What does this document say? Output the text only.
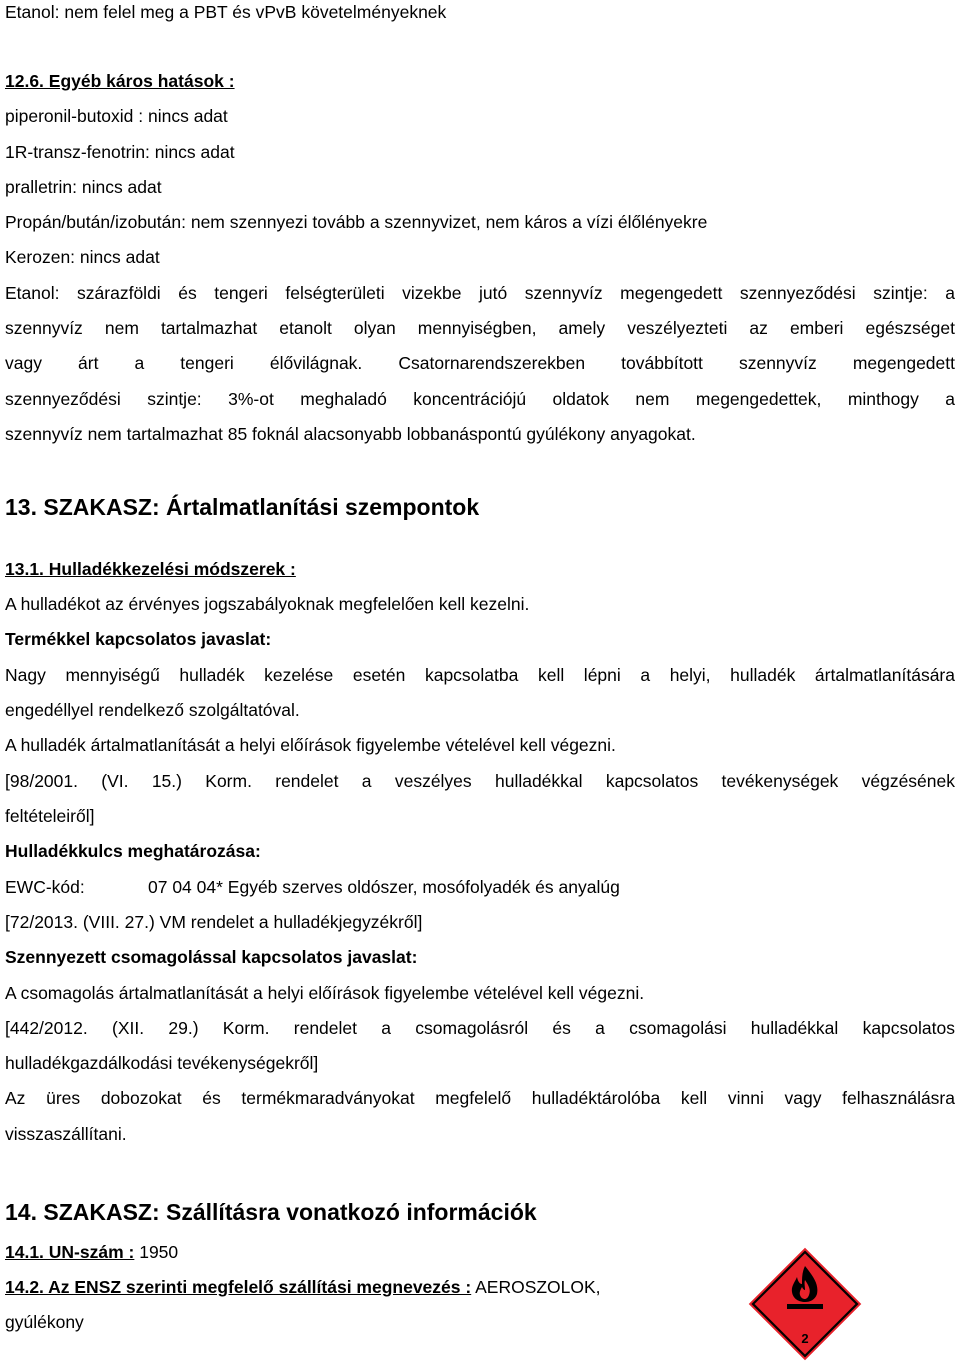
Etanol: nem felel meg a PBT és vPvB követelményeknek
12.6. Egyéb káros hatások :
piperonil-butoxid : nincs adat
1R-transz-fenotrin: nincs adat
pralletrin: nincs adat
Propán/bután/izobután: nem szennyezi tovább a szennyvizet, nem káros a vízi élőlényekre
Kerozen: nincs adat
Etanol: szárazföldi és tengeri felségterületi vizekbe jutó szennyvíz megengedett szennyeződési szintje: a
szennyvíz nem tartalmazhat etanolt olyan mennyiségben, amely veszélyezteti az emberi egészséget
vagy árt a tengeri élővilágnak. Csatornarendszerekben továbbított szennyvíz megengedett
szennyeződési szintje: 3%-ot meghaladó koncentrációjú oldatok nem megengedettek, minthogy a
szennyvíz nem tartalmazhat 85 foknál alacsonyabb lobbanáspontú gyúlékony anyagokat.
13. SZAKASZ: Ártalmatlanítási szempontok
13.1. Hulladékkezelési módszerek :
A hulladékot az érvényes jogszabályoknak megfelelően kell kezelni.
Termékkel kapcsolatos javaslat:
Nagy mennyiségű hulladék kezelése esetén kapcsolatba kell lépni a helyi, hulladék ártalmatlanítására
engedéllyel rendelkező szolgáltatóval.
A hulladék ártalmatlanítását a helyi előírások figyelembe vételével kell végezni.
[98/2001. (VI. 15.) Korm. rendelet a veszélyes hulladékkal kapcsolatos tevékenységek végzésének
feltételeiről]
Hulladékkulcs meghatározása:
EWC-kód:	07 04 04* Egyéb szerves oldószer, mosófolyadék és anyalúg
[72/2013. (VIII. 27.) VM rendelet a hulladékjegyzékről]
Szennyezett csomagolással kapcsolatos javaslat:
A csomagolás ártalmatlanítását a helyi előírások figyelembe vételével kell végezni.
[442/2012. (XII. 29.) Korm. rendelet a csomagolásról és a csomagolási hulladékkal kapcsolatos
hulladékgazdálkodási tevékenységekről]
Az üres dobozokat és termékmaradványokat megfelelő hulladéktárolóba kell vinni vagy felhasználásra
visszaszállítani.
14. SZAKASZ: Szállításra vonatkozó információk
14.1. UN-szám : 1950
14.2. Az ENSZ szerinti megfelelő szállítási megnevezés : AEROSZOLOK,
gyúlékony
2
